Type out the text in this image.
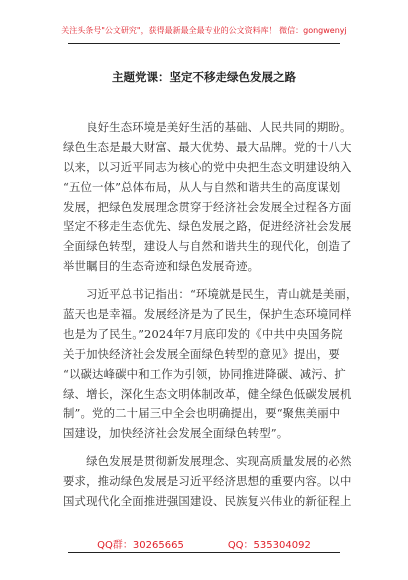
关注头条号"公文研究"，获得最新最全最专业的公文资料库！ 微信：gongwenyj
主题党课：坚定不移走绿色发展之路
　　良好生态环境是美好生活的基础、人民共同的期盼。
绿色生态是最大财富、最大优势、最大品牌。党的十八大
以来，以习近平同志为核心的党中央把生态文明建设纳入
“五位一体”总体布局，从人与自然和谐共生的高度谋划
发展，把绿色发展理念贯穿于经济社会发展全过程各方面
坚定不移走生态优先、绿色发展之路，促进经济社会发展
全面绿色转型，建设人与自然和谐共生的现代化，创造了
举世瞩目的生态奇迹和绿色发展奇迹。
　　习近平总书记指出：“环境就是民生，青山就是美丽，
蓝天也是幸福。发展经济是为了民生，保护生态环境同样
也是为了民生。”2024年7月底印发的《中共中央国务院
关于加快经济社会发展全面绿色转型的意见》提出，要
“以碳达峰碳中和工作为引领，协同推进降碳、减污、扩
绿、增长，深化生态文明体制改革，健全绿色低碳发展机
制”。党的二十届三中全会也明确提出，要“聚焦美丽中
国建设，加快经济社会发展全面绿色转型”。
　　绿色发展是贯彻新发展理念、实现高质量发展的必然
要求，推动绿色发展是习近平经济思想的重要内容。以中
国式现代化全面推进强国建设、民族复兴伟业的新征程上
QQ群：30265665	QQ：535304092
